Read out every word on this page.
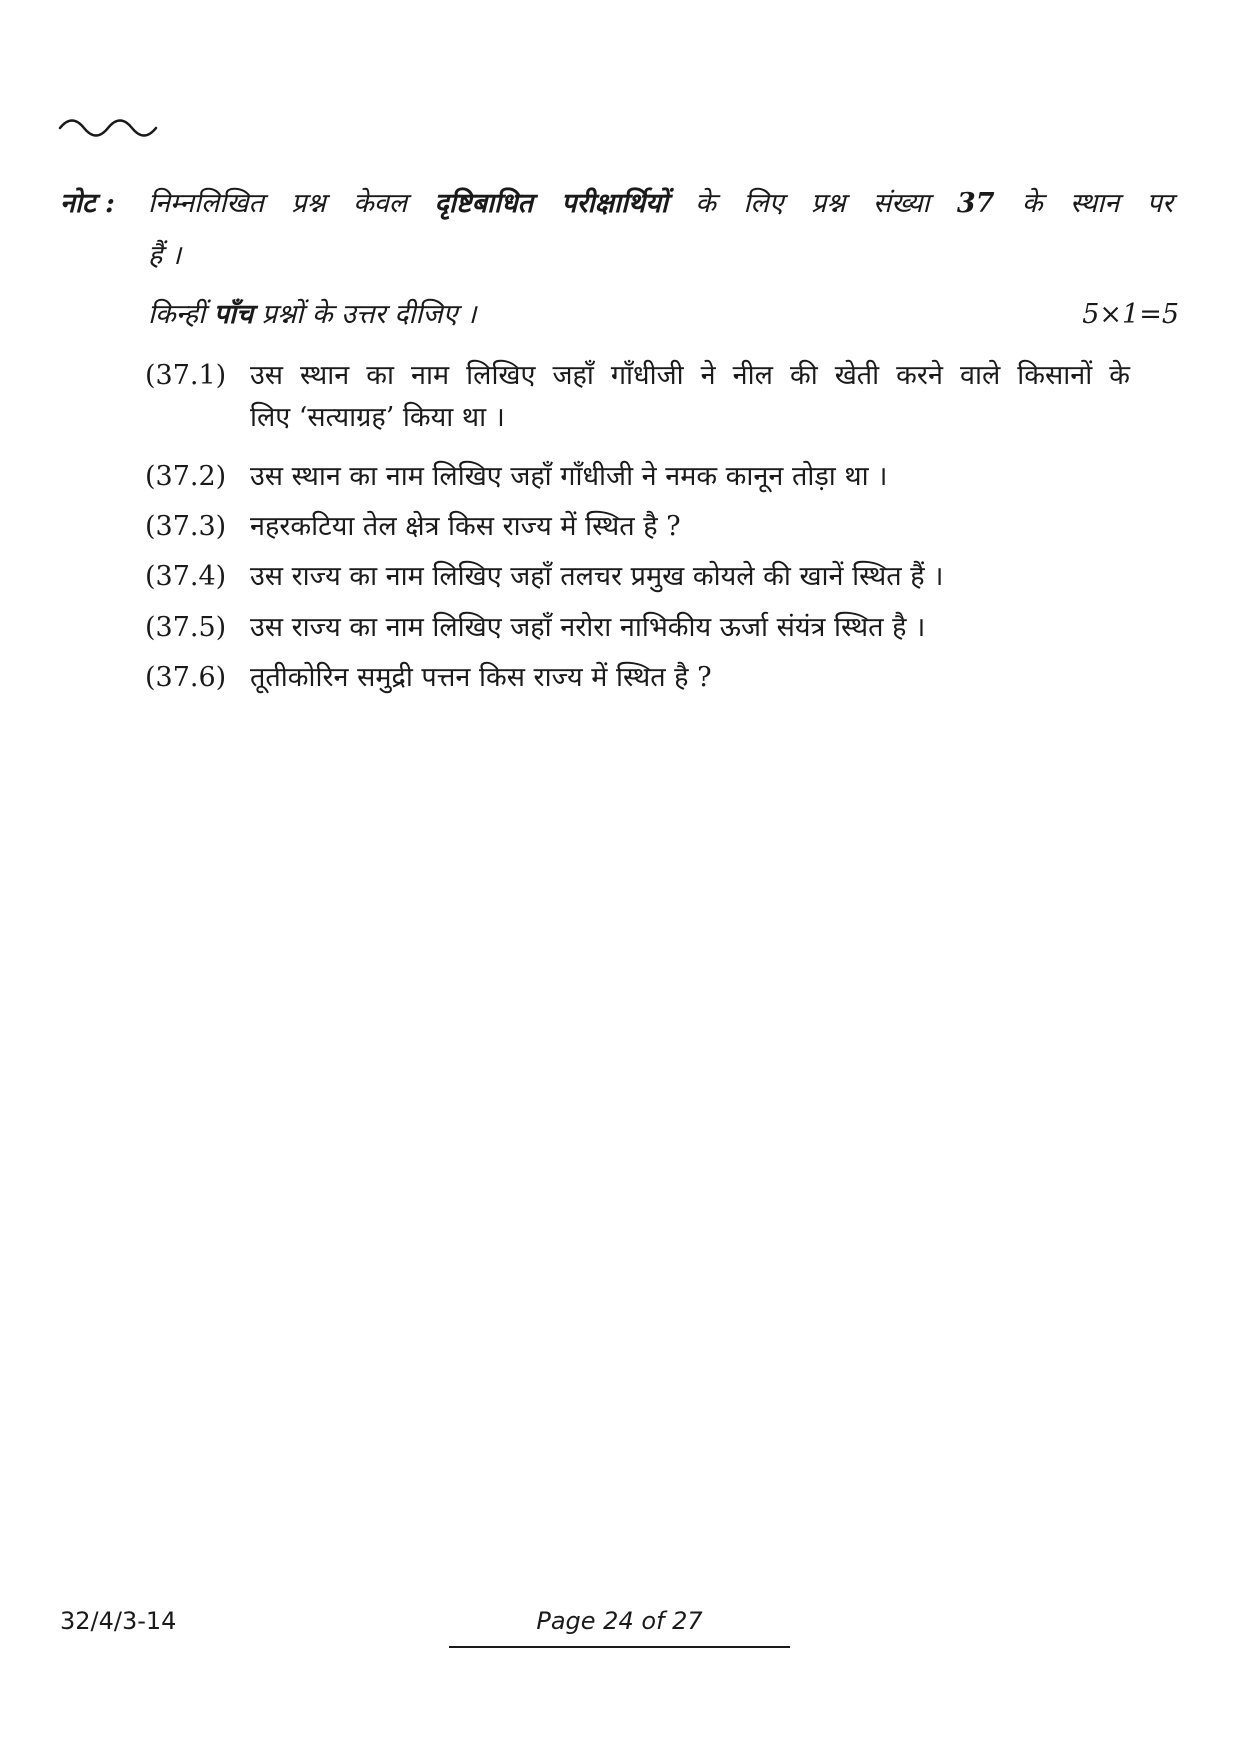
नोट : निम्नलिखित प्रश्न केवल दृष्टिबाधित परीक्षार्थियों के लिए प्रश्न संख्या 37 के स्थान पर
हैं ।
किन्हीं पाँच प्रश्नों के उत्तर दीजिए ।	5×1=5
(37.1) उस स्थान का नाम लिखिए जहाँ गाँधीजी ने नील की खेती करने वाले किसानों के
लिए ‘सत्याग्रह’ किया था ।
(37.2) उस स्थान का नाम लिखिए जहाँ गाँधीजी ने नमक कानून तोड़ा था ।
(37.3) नहरकटिया तेल क्षेत्र किस राज्य में स्थित है ?
(37.4) उस राज्य का नाम लिखिए जहाँ तलचर प्रमुख कोयले की खानें स्थित हैं ।
(37.5) उस राज्य का नाम लिखिए जहाँ नरोरा नाभिकीय ऊर्जा संयंत्र स्थित है ।
(37.6) तूतीकोरिन समुद्री पत्तन किस राज्य में स्थित है ?
32/4/3-14	Page 24 of 27
